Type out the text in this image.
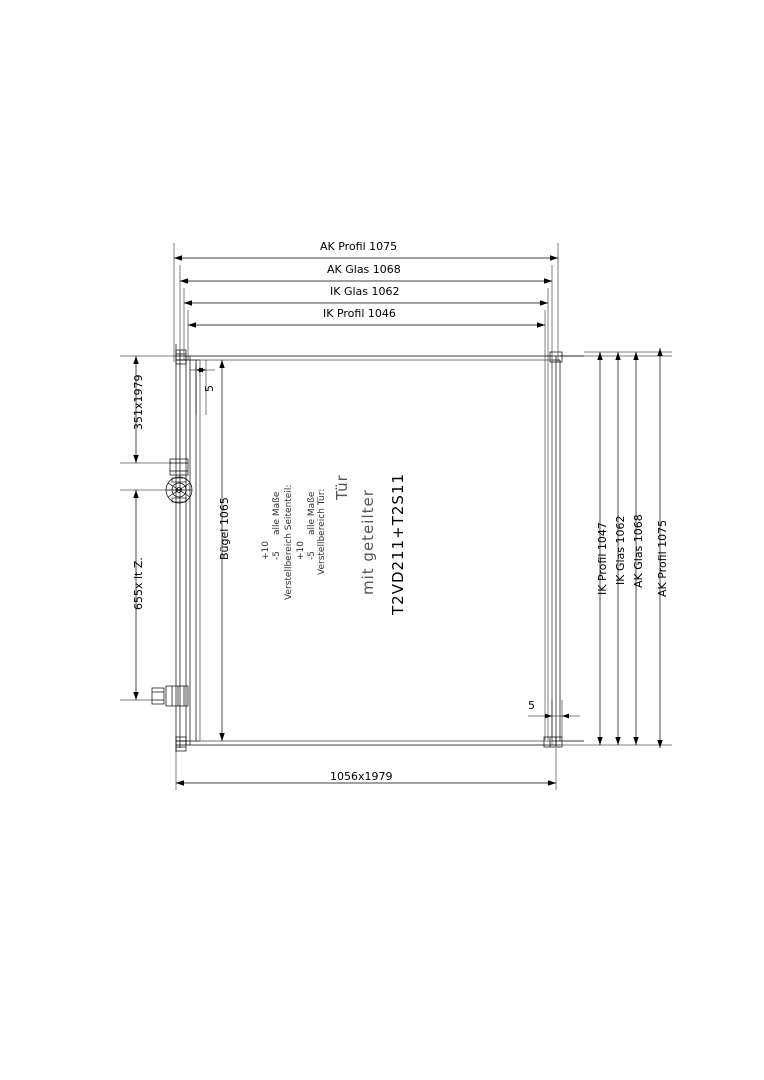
AK Profil 1075
AK Glas 1068
IK Glas 1062
IK Profil 1046
351x1979
655x lt Z.
5
5
Bügel 1065	IK Profil 1047 IK Glas 1062 AK Glas 1068 AK Profil 1075
1056x1979
T2VD211+T2S11
mit geteilter
Tür
Verstellbereich Tür:
alle Maße
-5
+10
Verstellbereich Seitenteil:
alle Maße
-5
+10
